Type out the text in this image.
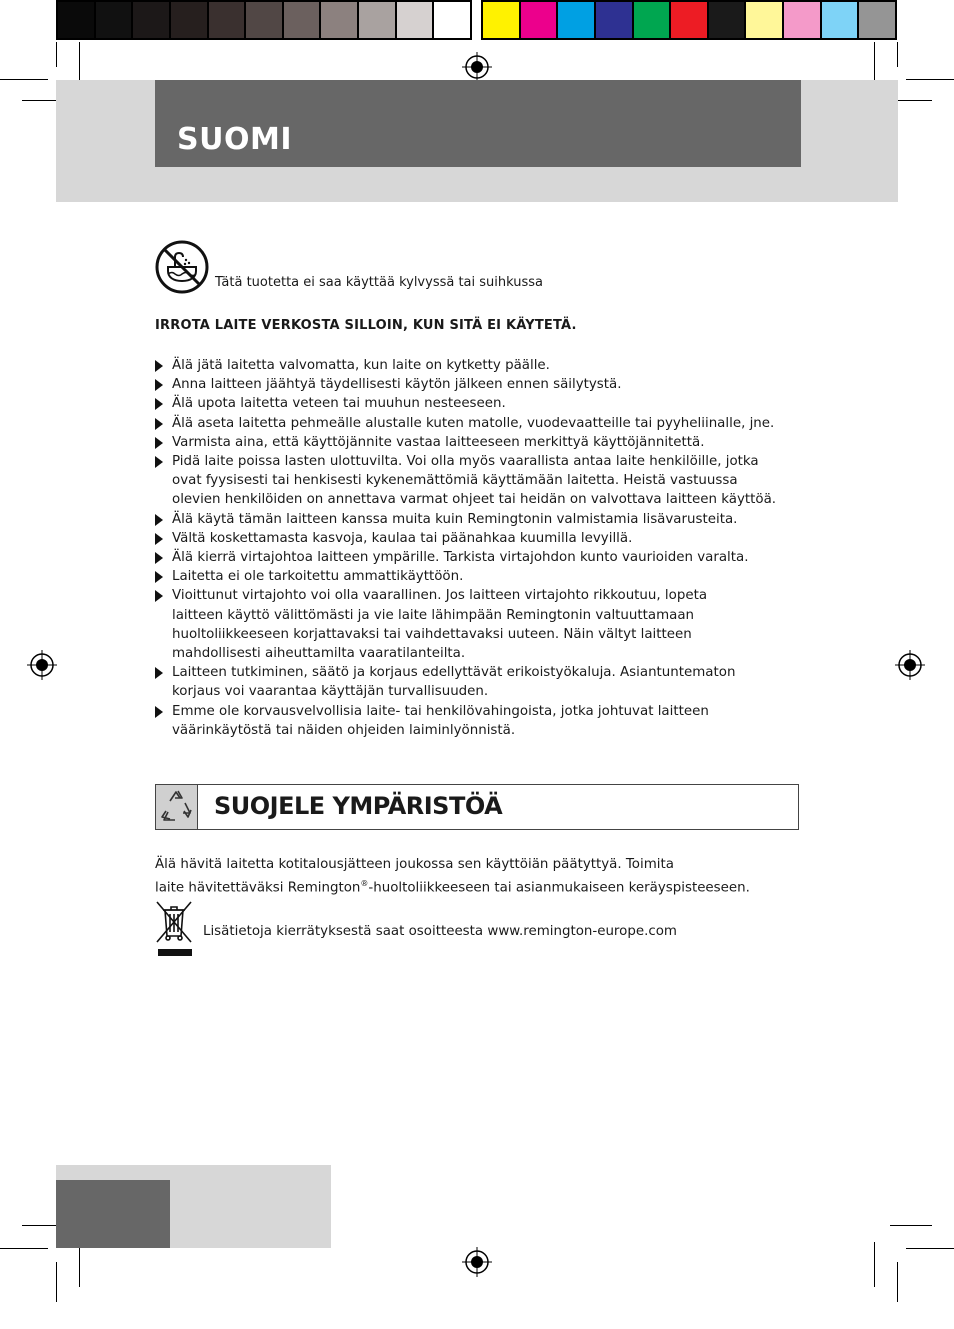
SUOMI
Tätä tuotetta ei saa käyttää kylvyssä tai suihkussa
IRROTA LAITE VERKOSTA SILLOIN, KUN SITÄ EI KÄYTETÄ.
Älä jätä laitetta valvomatta, kun laite on kytketty päälle.
Anna laitteen jäähtyä täydellisesti käytön jälkeen ennen säilytystä.
Älä upota laitetta veteen tai muuhun nesteeseen.
Älä aseta laitetta pehmeälle alustalle kuten matolle, vuodevaatteille tai pyyheliinalle, jne.
Varmista aina, että käyttöjännite vastaa laitteeseen merkittyä käyttöjännitettä.
Pidä laite poissa lasten ulottuvilta. Voi olla myös vaarallista antaa laite henkilöille, jotka
ovat fyysisesti tai henkisesti kykenemättömiä käyttämään laitetta. Heistä vastuussa
olevien henkilöiden on annettava varmat ohjeet tai heidän on valvottava laitteen käyttöä.
Älä käytä tämän laitteen kanssa muita kuin Remingtonin valmistamia lisävarusteita.
Vältä koskettamasta kasvoja, kaulaa tai päänahkaa kuumilla levyillä.
Älä kierrä virtajohtoa laitteen ympärille. Tarkista virtajohdon kunto vaurioiden varalta.
Laitetta ei ole tarkoitettu ammattikäyttöön.
Vioittunut virtajohto voi olla vaarallinen. Jos laitteen virtajohto rikkoutuu, lopeta
laitteen käyttö välittömästi ja vie laite lähimpään Remingtonin valtuuttamaan
huoltoliikkeeseen korjattavaksi tai vaihdettavaksi uuteen. Näin vältyt laitteen
mahdollisesti aiheuttamilta vaaratilanteilta.
Laitteen tutkiminen, säätö ja korjaus edellyttävät erikoistyökaluja. Asiantuntematon
korjaus voi vaarantaa käyttäjän turvallisuuden.
Emme ole korvausvelvollisia laite- tai henkilövahingoista, jotka johtuvat laitteen
väärinkäytöstä tai näiden ohjeiden laiminlyönnistä.
SUOJELE YMPÄRISTÖÄ
Älä hävitä laitetta kotitalousjätteen joukossa sen käyttöiän päätyttyä. Toimita
laite hävitettäväksi Remington®-huoltoliikkeeseen tai asianmukaiseen keräyspisteeseen.
Lisätietoja kierrätyksestä saat osoitteesta www.remington-europe.com
